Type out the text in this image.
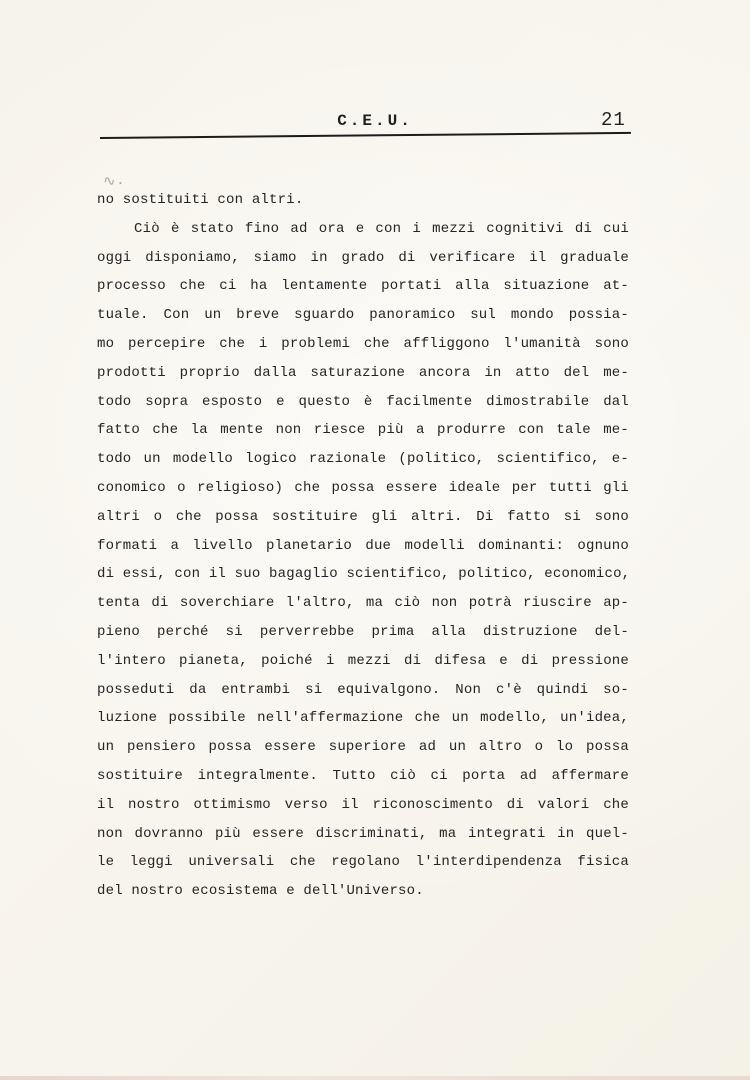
C.E.U.	21
∿.
no sostituiti con altri.
Ciò è stato fino ad ora e con i mezzi cognitivi di cui
oggi disponiamo, siamo in grado di verificare il graduale
processo che ci ha lentamente portati alla situazione at-
tuale. Con un breve sguardo panoramico sul mondo possia-
mo percepire che i problemi che affliggono l'umanità sono
prodotti proprio dalla saturazione ancora in atto del me-
todo sopra esposto e questo è facilmente dimostrabile dal
fatto che la mente non riesce più a produrre con tale me-
todo un modello logico razionale (politico, scientifico, e-
conomico o religioso) che possa essere ideale per tutti gli
altri o che possa sostituire gli altri. Di fatto si sono
formati a livello planetario due modelli dominanti: ognuno
di essi, con il suo bagaglio scientifico, politico, economico,
tenta di soverchiare l'altro, ma ciò non potrà riuscire ap-
pieno perché si perverrebbe prima alla distruzione del-
l'intero pianeta, poiché i mezzi di difesa e di pressione
posseduti da entrambi si equivalgono. Non c'è quindi so-
luzione possibile nell'affermazione che un modello, un'idea,
un pensiero possa essere superiore ad un altro o lo possa
sostituire integralmente. Tutto ciò ci porta ad affermare
il nostro ottimismo verso il riconoscimento di valori che
non dovranno più essere discriminati, ma integrati in quel-
le leggi universali che regolano l'interdipendenza fisica
del nostro ecosistema e dell'Universo.
